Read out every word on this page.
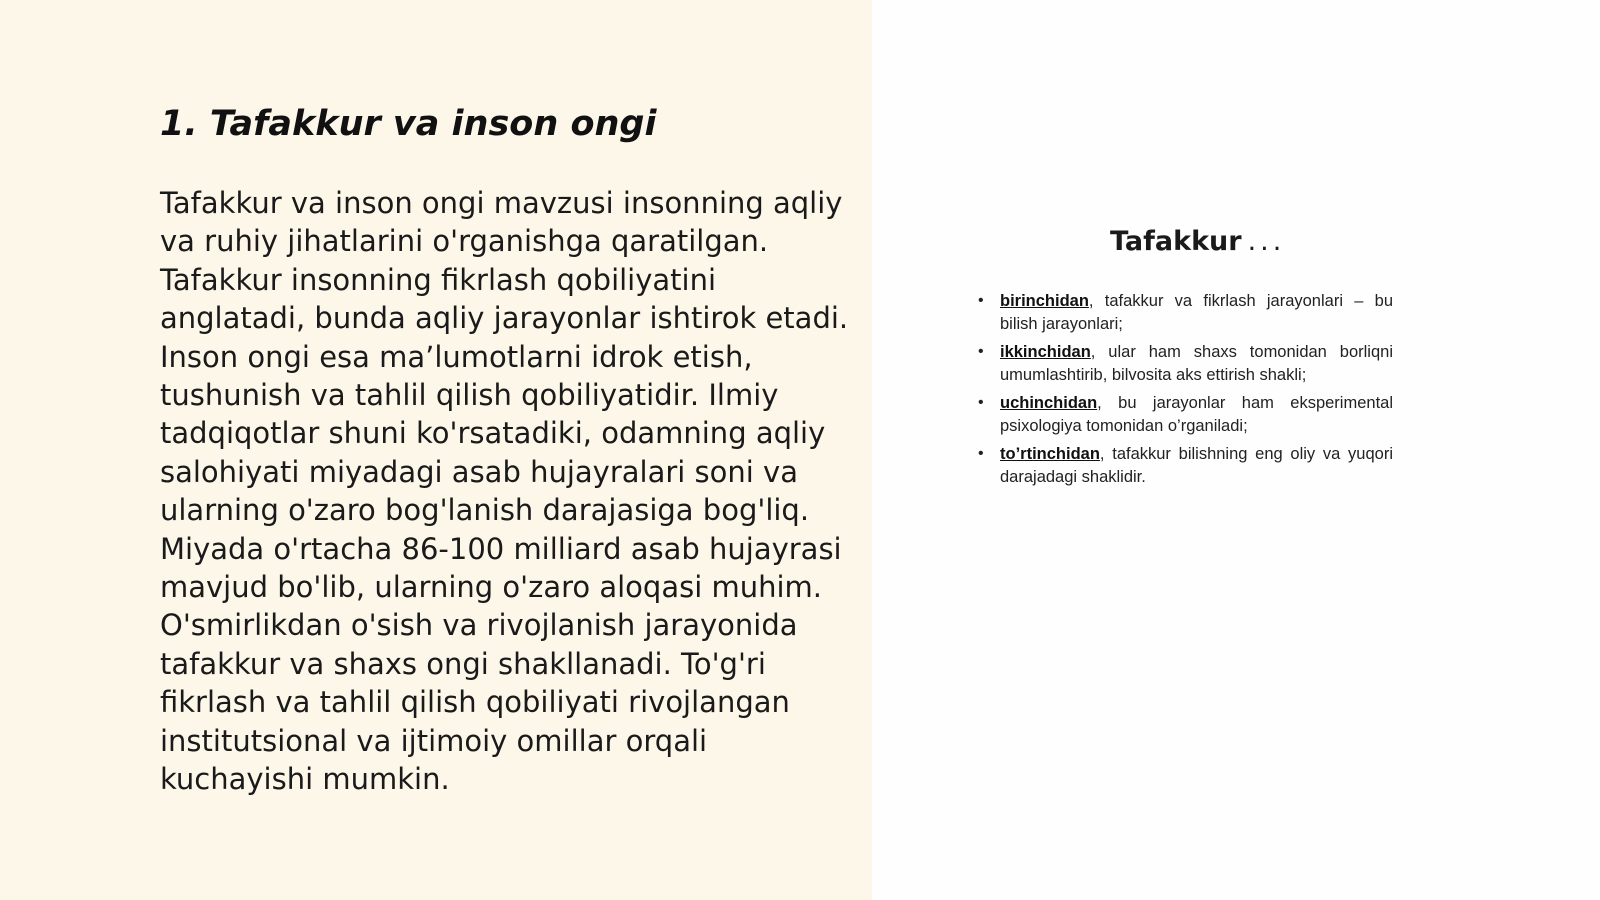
1. Tafakkur va inson ongi

Tafakkur va inson ongi mavzusi insonning aqliy va ruhiy jihatlarini o'rganishga qaratilgan. Tafakkur insonning fikrlash qobiliyatini anglatadi, bunda aqliy jarayonlar ishtirok etadi. Inson ongi esa ma’lumotlarni idrok etish, tushunish va tahlil qilish qobiliyatidir. Ilmiy tadqiqotlar shuni ko'rsatadiki, odamning aqliy salohiyati miyadagi asab hujayralari soni va ularning o'zaro bog'lanish darajasiga bog'liq. Miyada o'rtacha 86-100 milliard asab hujayrasi mavjud bo'lib, ularning o'zaro aloqasi muhim. O'smirlikdan o'sish va rivojlanish jarayonida tafakkur va shaxs ongi shakllanadi. To'g'ri fikrlash va tahlil qilish qobiliyati rivojlangan institutsional va ijtimoiy omillar orqali kuchayishi mumkin.

Tafakkur ...
• birinchidan, tafakkur va fikrlash jarayonlari – bu bilish jarayonlari;
• ikkinchidan, ular ham shaxs tomonidan borliqni umumlashtirib, bilvosita aks ettirish shakli;
• uchinchidan, bu jarayonlar ham eksperimental psixologiya tomonidan o’rganiladi;
• to’rtinchidan, tafakkur bilishning eng oliy va yuqori darajadagi shaklidir.
